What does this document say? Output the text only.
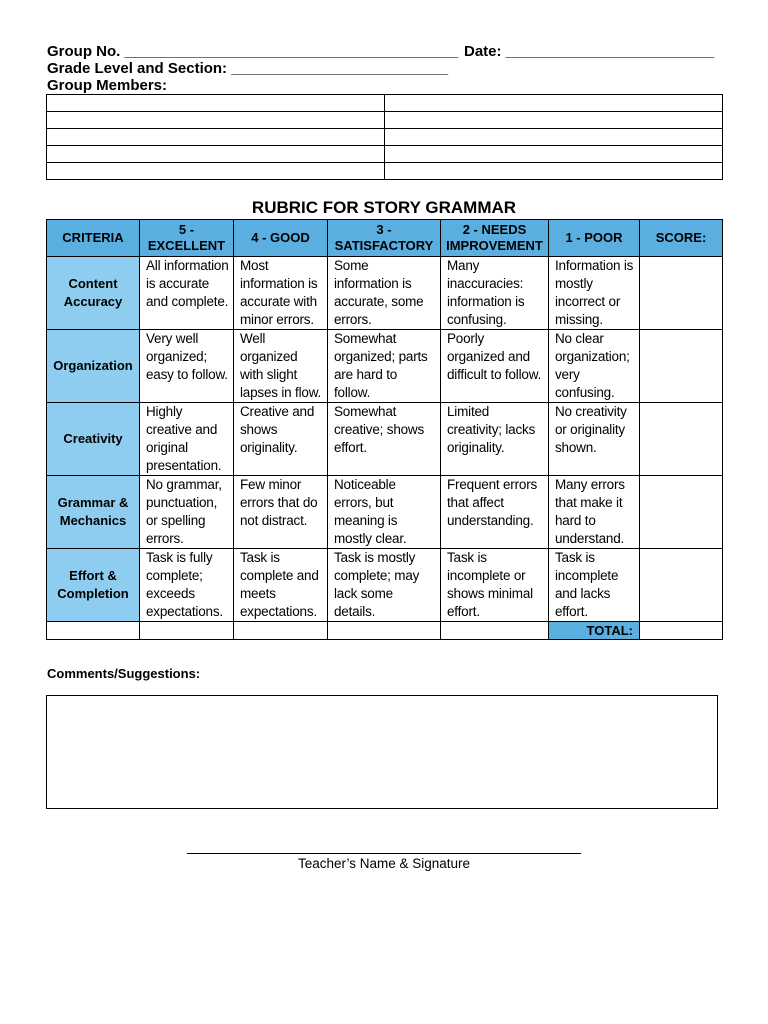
Group No. ________________________________________ Date: _________________________
Grade Level and Section: __________________________
Group Members:

RUBRIC FOR STORY GRAMMAR
CRITERIA	5 - EXCELLENT	4 - GOOD	3 - SATISFACTORY	2 - NEEDS IMPROVEMENT	1 - POOR	SCORE:
Content Accuracy	All information is accurate and complete.	Most information is accurate with minor errors.	Some information is accurate, some errors.	Many inaccuracies: information is confusing.	Information is mostly incorrect or missing.	
Organization	Very well organized; easy to follow.	Well organized with slight lapses in flow.	Somewhat organized; parts are hard to follow.	Poorly organized and difficult to follow.	No clear organization; very confusing.	
Creativity	Highly creative and original presentation.	Creative and shows originality.	Somewhat creative; shows effort.	Limited creativity; lacks originality.	No creativity or originality shown.	
Grammar & Mechanics	No grammar, punctuation, or spelling errors.	Few minor errors that do not distract.	Noticeable errors, but meaning is mostly clear.	Frequent errors that affect understanding.	Many errors that make it hard to understand.	
Effort & Completion	Task is fully complete; exceeds expectations.	Task is complete and meets expectations.	Task is mostly complete; may lack some details.	Task is incomplete or shows minimal effort.	Task is incomplete and lacks effort.	
					TOTAL:	
Comments/Suggestions:
Teacher’s Name & Signature
